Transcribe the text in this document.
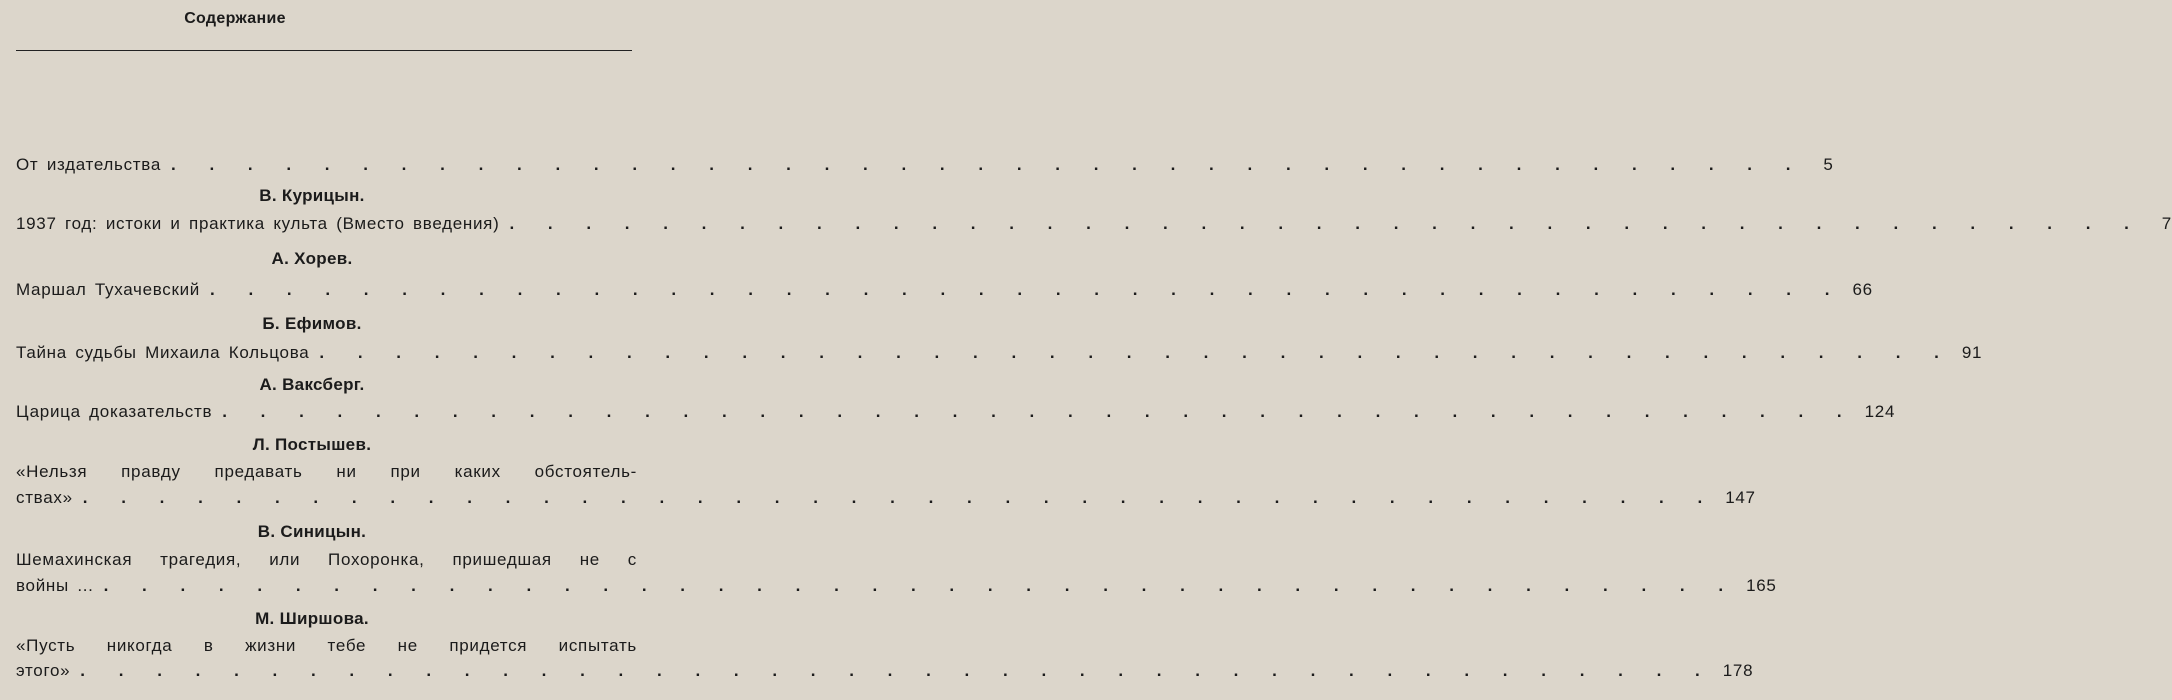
Содержание
От издательства . . . . . . . . . . . . . . . . . . . . . . . . . . . . . . . . . . . . . . . . . . .	5
В. Курицын.
1937 год: истоки и практика культа (Вместо введения) . . . . . . . . . . . . . . . . . . . . . . . . . . . . . . . . . . . . . . . . . . .	7
А. Хорев.
Маршал Тухачевский . . . . . . . . . . . . . . . . . . . . . . . . . . . . . . . . . . . . . . . . . . . 66
Б. Ефимов.
Тайна судьбы Михаила Кольцова . . . . . . . . . . . . . . . . . . . . . . . . . . . . . . . . . . . . . . . . . . . 91
А. Ваксберг.
Царица доказательств . . . . . . . . . . . . . . . . . . . . . . . . . . . . . . . . . . . . . . . . . . . 124
Л. Постышев.
«Нельзя правду предавать ни при каких обстоятель-
ствах» . . . . . . . . . . . . . . . . . . . . . . . . . . . . . . . . . . . . . . . . . . . 147
В. Синицын.
Шемахинская трагедия, или Похоронка, пришедшая не с
войны ... . . . . . . . . . . . . . . . . . . . . . . . . . . . . . . . . . . . . . . . . . . . 165
М. Ширшова.
«Пусть никогда в жизни тебе не придется испытать
этого» . . . . . . . . . . . . . . . . . . . . . . . . . . . . . . . . . . . . . . . . . . . 178
